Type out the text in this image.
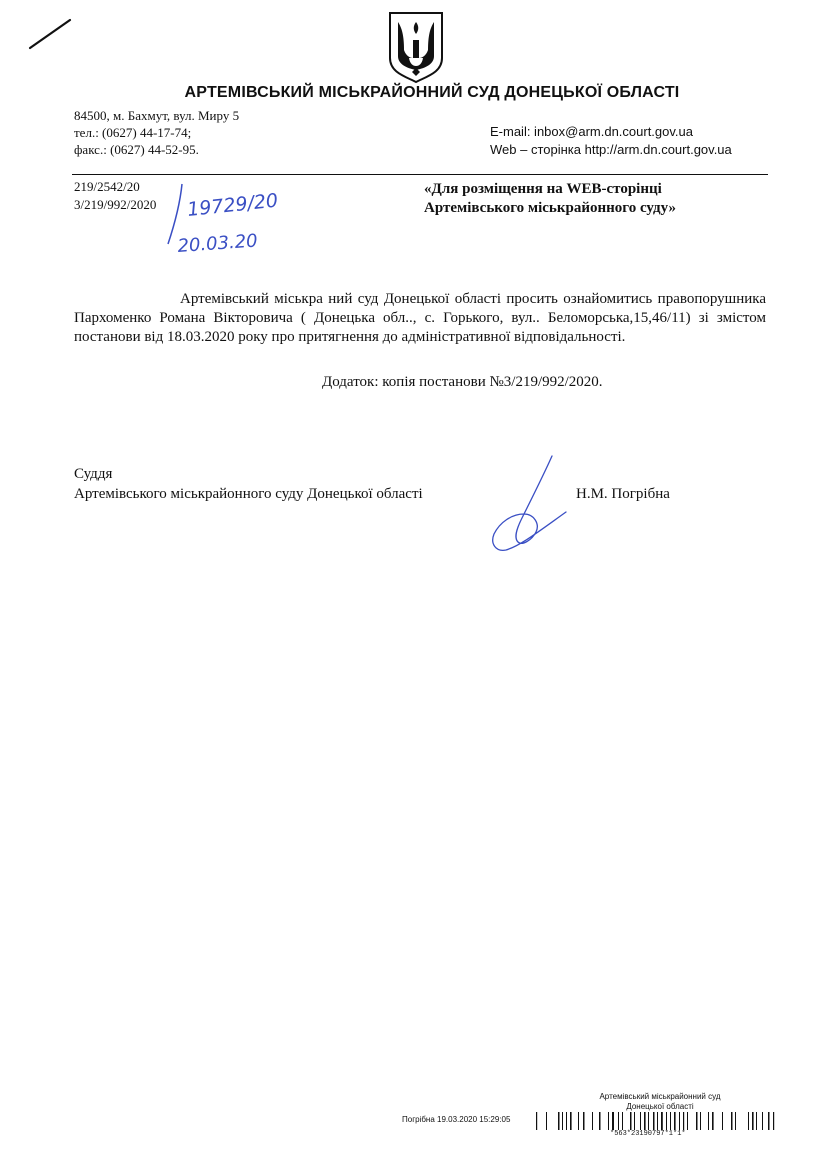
АРТЕМІВСЬКИЙ МІСЬКРАЙОННИЙ СУД ДОНЕЦЬКОЇ ОБЛАСТІ
84500, м. Бахмут, вул. Миру 5
тел.: (0627) 44-17-74;
факс.: (0627) 44-52-95.
E-mail: inbox@arm.dn.court.gov.ua
Web – сторінка http://arm.dn.court.gov.ua
219/2542/20
3/219/992/2020 19729/20
20.03.20
«Для розміщення на WEB-сторінці
Артемівського міськрайонного суду»

Артемівський міськра ний суд Донецької області просить ознайомитись правопорушника Пархоменко Романа Вікторовича ( Донецька обл.., с. Горького, вул.. Беломорська,15,46/11) зі змістом постанови від 18.03.2020 року про притягнення до адміністративної відповідальності.

Додаток: копія постанови №3/219/992/2020.
Суддя
Артемівського міськрайонного суду Донецької області	Н.М. Погрібна
Артемівський міськрайонний суд
Донецької області
Погрібна 19.03.2020 15:29:05
*563*23190797*1*1*
